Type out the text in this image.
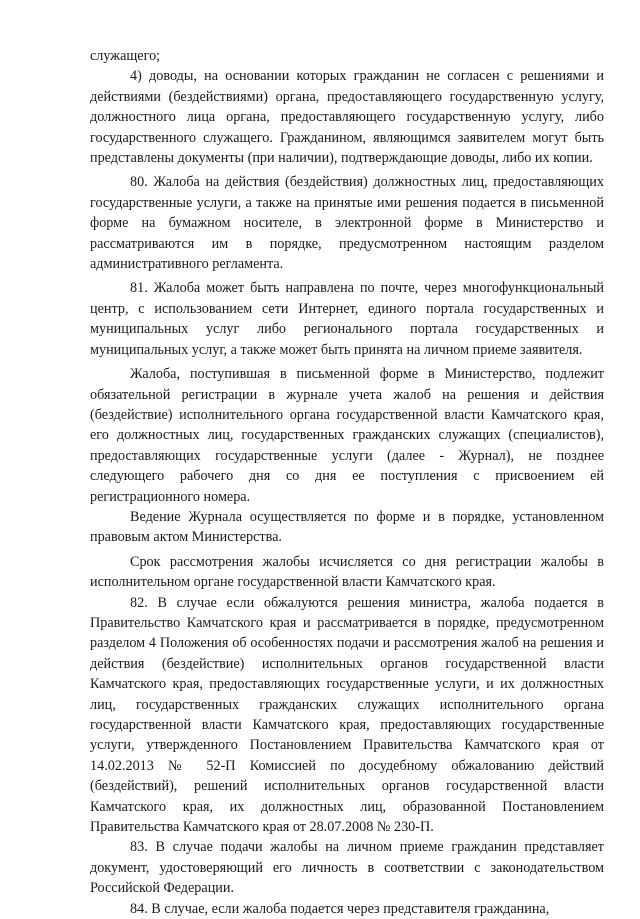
служащего;

4) доводы, на основании которых гражданин не согласен с решениями и действиями (бездействиями) органа, предоставляющего государственную услугу, должностного лица органа, предоставляющего государственную услугу, либо государственного служащего. Гражданином, являющимся заявителем могут быть представлены документы (при наличии), подтверждающие доводы, либо их копии.

80. Жалоба на действия (бездействия) должностных лиц, предоставляющих государственные услуги, а также на принятые ими решения подается в письменной форме на бумажном носителе, в электронной форме в Министерство и рассматриваются им в порядке, предусмотренном настоящим разделом административного регламента.

81. Жалоба может быть направлена по почте, через многофункциональный центр, с использованием сети Интернет, единого портала государственных и муниципальных услуг либо регионального портала государственных и муниципальных услуг, а также может быть принята на личном приеме заявителя.

Жалоба, поступившая в письменной форме в Министерство, подлежит обязательной регистрации в журнале учета жалоб на решения и действия (бездействие) исполнительного органа государственной власти Камчатского края, его должностных лиц, государственных гражданских служащих (специалистов), предоставляющих государственные услуги (далее - Журнал), не позднее следующего рабочего дня со дня ее поступления с присвоением ей регистрационного номера.

Ведение Журнала осуществляется по форме и в порядке, установленном правовым актом Министерства.

Срок рассмотрения жалобы исчисляется со дня регистрации жалобы в исполнительном органе государственной власти Камчатского края.

82. В случае если обжалуются решения министра, жалоба подается в Правительство Камчатского края и рассматривается в порядке, предусмотренном разделом 4 Положения об особенностях подачи и рассмотрения жалоб на решения и действия (бездействие) исполнительных органов государственной власти Камчатского края, предоставляющих государственные услуги, и их должностных лиц, государственных гражданских служащих исполнительного органа государственной власти Камчатского края, предоставляющих государственные услуги, утвержденного Постановлением Правительства Камчатского края от 14.02.2013 № 52-П Комиссией по досудебному обжалованию действий (бездействий), решений исполнительных органов государственной власти Камчатского края, их должностных лиц, образованной Постановлением Правительства Камчатского края от 28.07.2008 № 230-П.

83. В случае подачи жалобы на личном приеме гражданин представляет документ, удостоверяющий его личность в соответствии с законодательством Российской Федерации.

84. В случае, если жалоба подается через представителя гражданина,
